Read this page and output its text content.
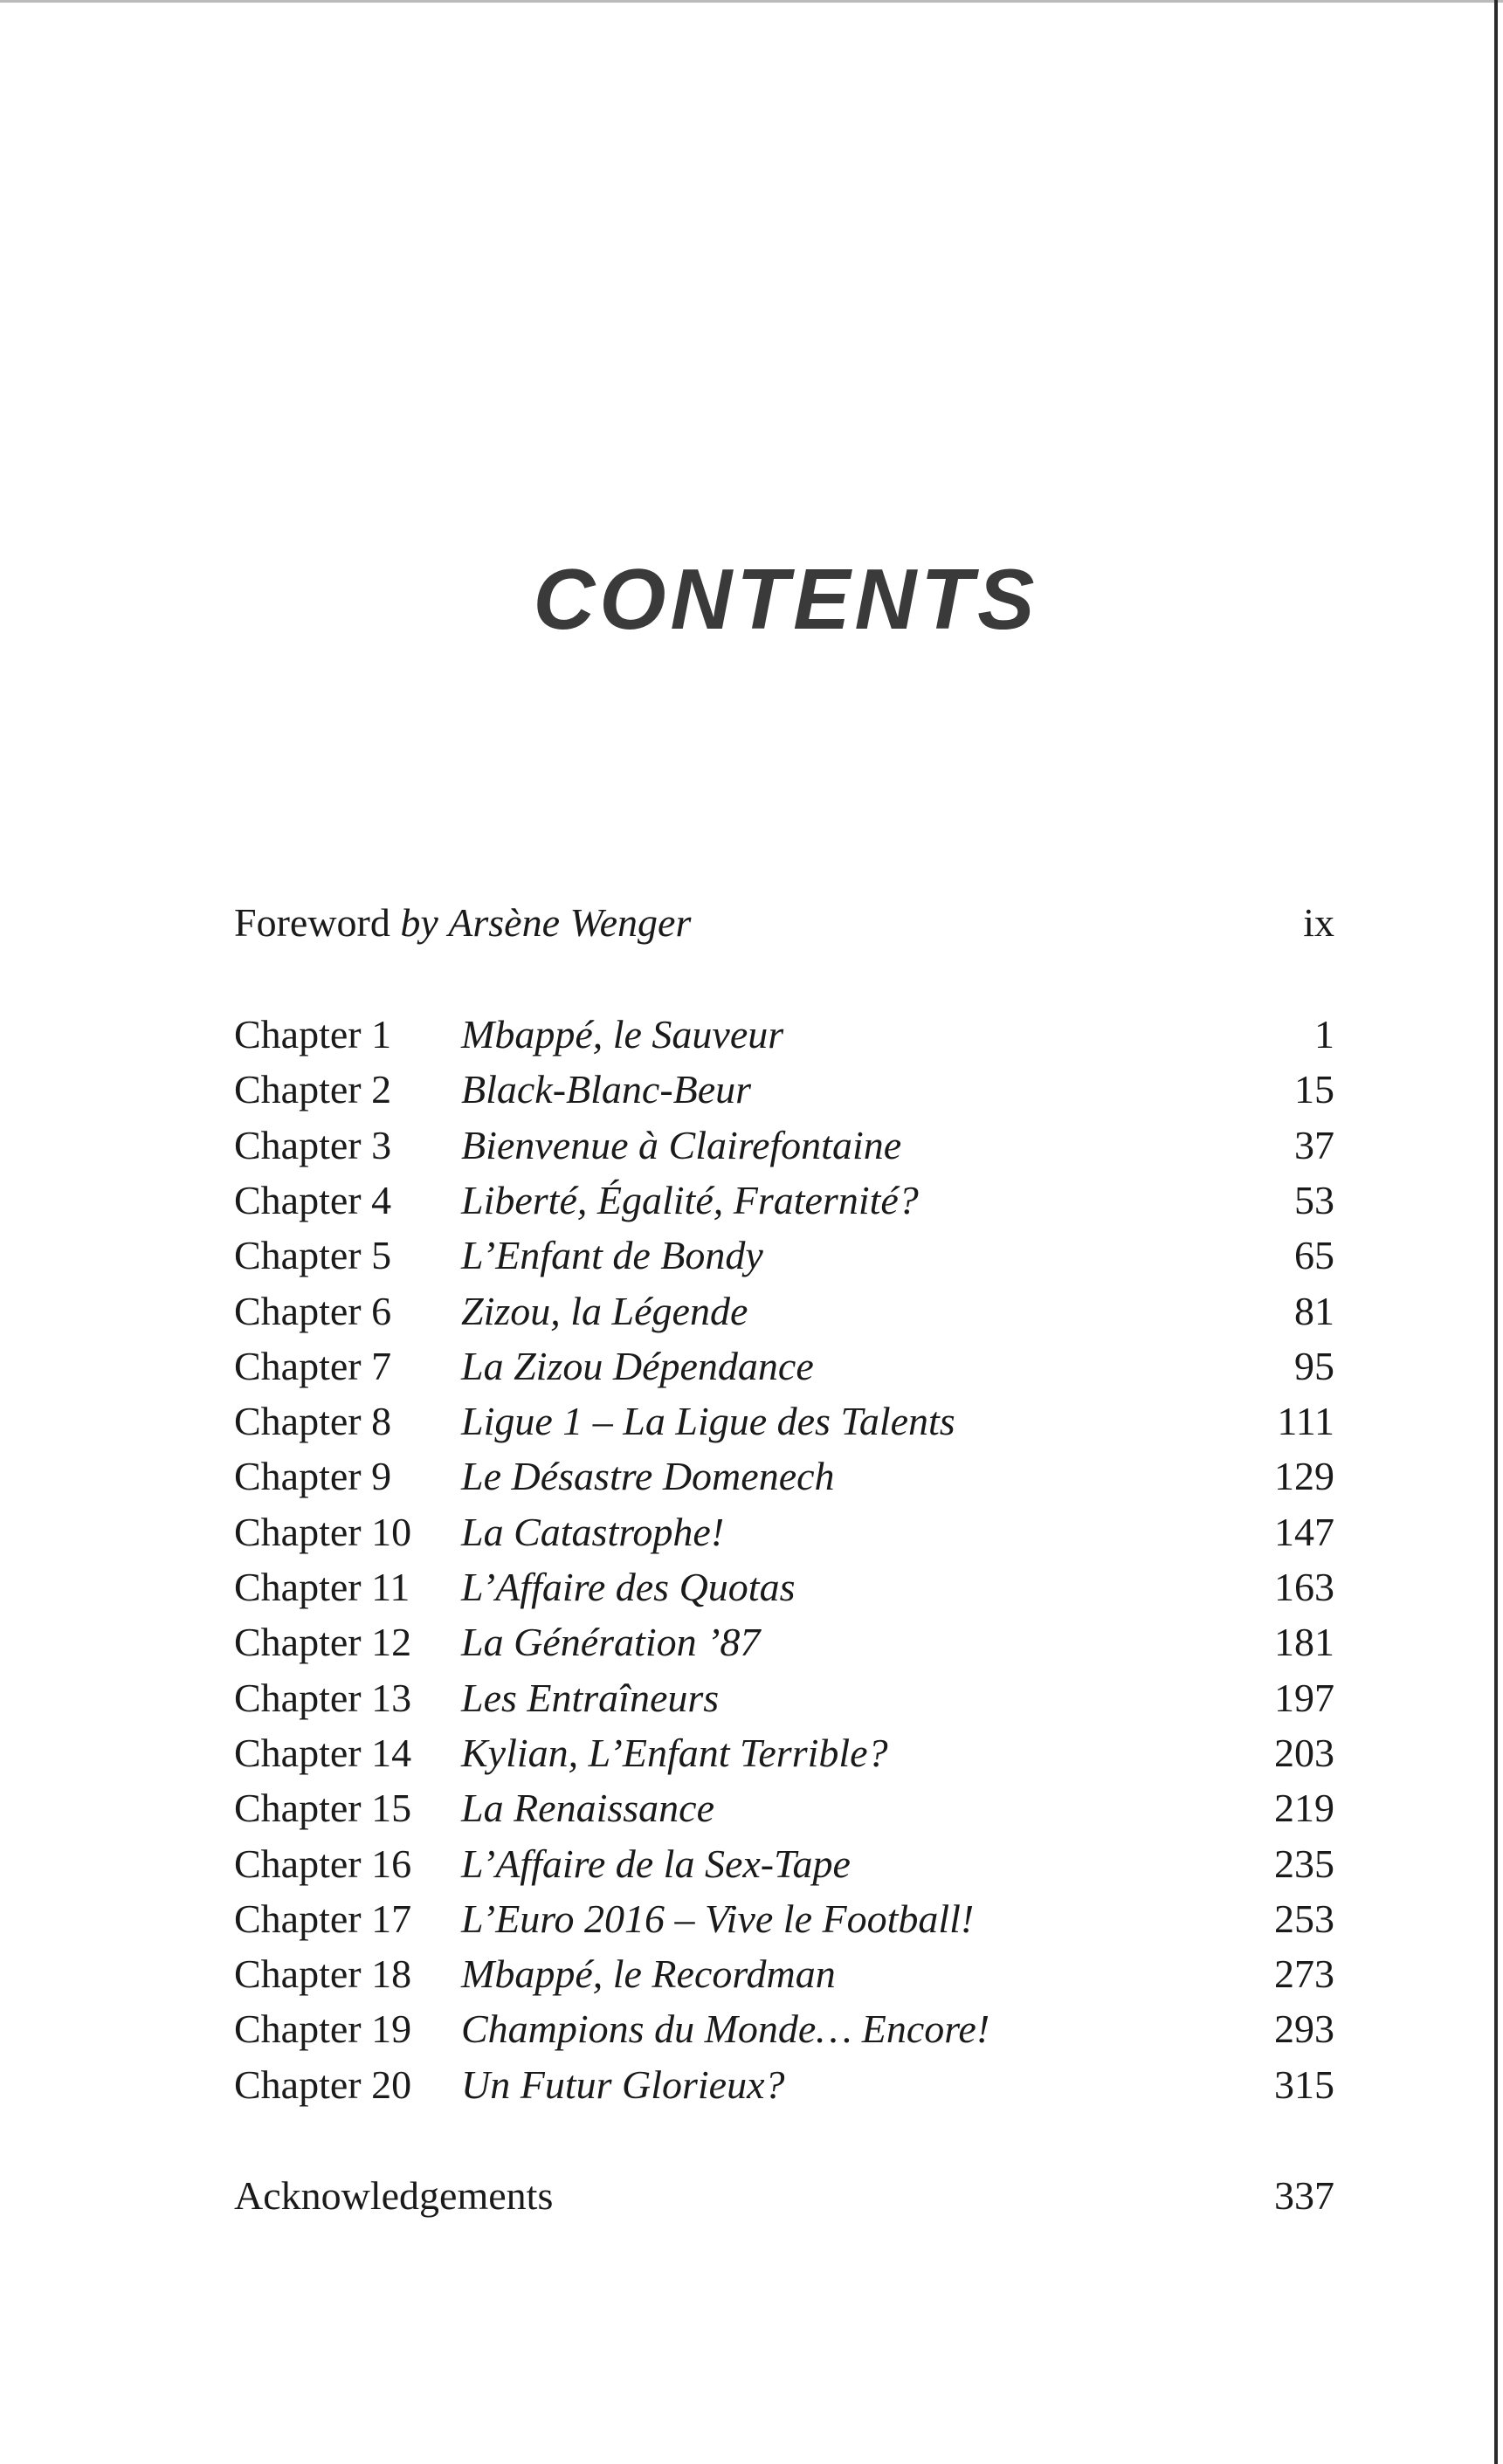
CONTENTS
Foreword by Arsène Wenger	ix
Chapter 1 Mbappé, le Sauveur	1
Chapter 2 Black-Blanc-Beur	15
Chapter 3 Bienvenue à Clairefontaine	37
Chapter 4 Liberté, Égalité, Fraternité?	53
Chapter 5 L’Enfant de Bondy	65
Chapter 6 Zizou, la Légende	81
Chapter 7 La Zizou Dépendance	95
Chapter 8 Ligue 1 – La Ligue des Talents	111
Chapter 9 Le Désastre Domenech	129
Chapter 10 La Catastrophe!	147
Chapter 11 L’Affaire des Quotas	163
Chapter 12 La Génération ’87	181
Chapter 13 Les Entraîneurs	197
Chapter 14 Kylian, L’Enfant Terrible?	203
Chapter 15 La Renaissance	219
Chapter 16 L’Affaire de la Sex-Tape	235
Chapter 17 L’Euro 2016 – Vive le Football!	253
Chapter 18 Mbappé, le Recordman	273
Chapter 19 Champions du Monde… Encore!	293
Chapter 20 Un Futur Glorieux?	315
Acknowledgements	337
